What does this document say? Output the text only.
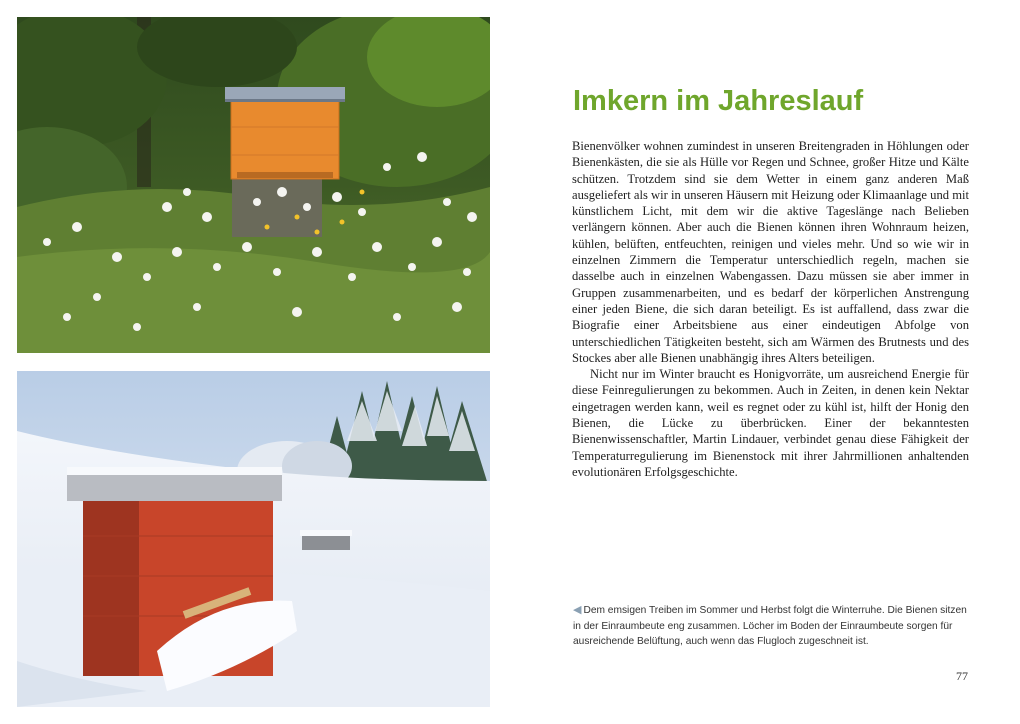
Imkern im Jahreslauf

Bienenvölker wohnen zumindest in unseren Breitengraden in Höhlungen oder Bienenkästen, die sie als Hülle vor Regen und Schnee, großer Hitze und Kälte schützen. Trotzdem sind sie dem Wetter in einem ganz anderen Maß ausgeliefert als wir in unseren Häusern mit Heizung oder Klimaanlage und mit künstlichem Licht, mit dem wir die aktive Tageslänge nach Belieben verlängern können. Aber auch die Bienen können ihren Wohnraum heizen, kühlen, belüften, entfeuchten, reinigen und vieles mehr. Und so wie wir in einzelnen Zimmern die Temperatur unterschiedlich regeln, machen sie dasselbe auch in einzelnen Wabengassen. Dazu müssen sie aber immer in Gruppen zusammenarbeiten, und es bedarf der körperlichen Anstrengung einer jeden Biene, die sich daran beteiligt. Es ist auffallend, dass zwar die Biografie einer Arbeitsbiene aus einer eindeutigen Abfolge von unterschiedlichen Tätigkeiten besteht, sich am Wärmen des Brutnests und des Stockes aber alle Bienen unabhängig ihres Alters beteiligen.

Nicht nur im Winter braucht es Honigvorräte, um ausreichend Energie für diese Feinregulierungen zu bekommen. Auch in Zeiten, in denen kein Nektar eingetragen werden kann, weil es regnet oder zu kühl ist, hilft der Honig den Bienen, die Lücke zu überbrücken. Einer der bekanntesten Bienenwissenschaftler, Martin Lindauer, verbindet genau diese Fähigkeit der Temperaturregulierung im Bienenstock mit ihrer Jahrmillionen anhaltenden evolutionären Erfolgsgeschichte.

◀ Dem emsigen Treiben im Sommer und Herbst folgt die Winterruhe. Die Bienen sitzen in der Einraumbeute eng zusammen. Löcher im Boden der Einraumbeute sorgen für ausreichende Belüftung, auch wenn das Flugloch zugeschneit ist.
77
